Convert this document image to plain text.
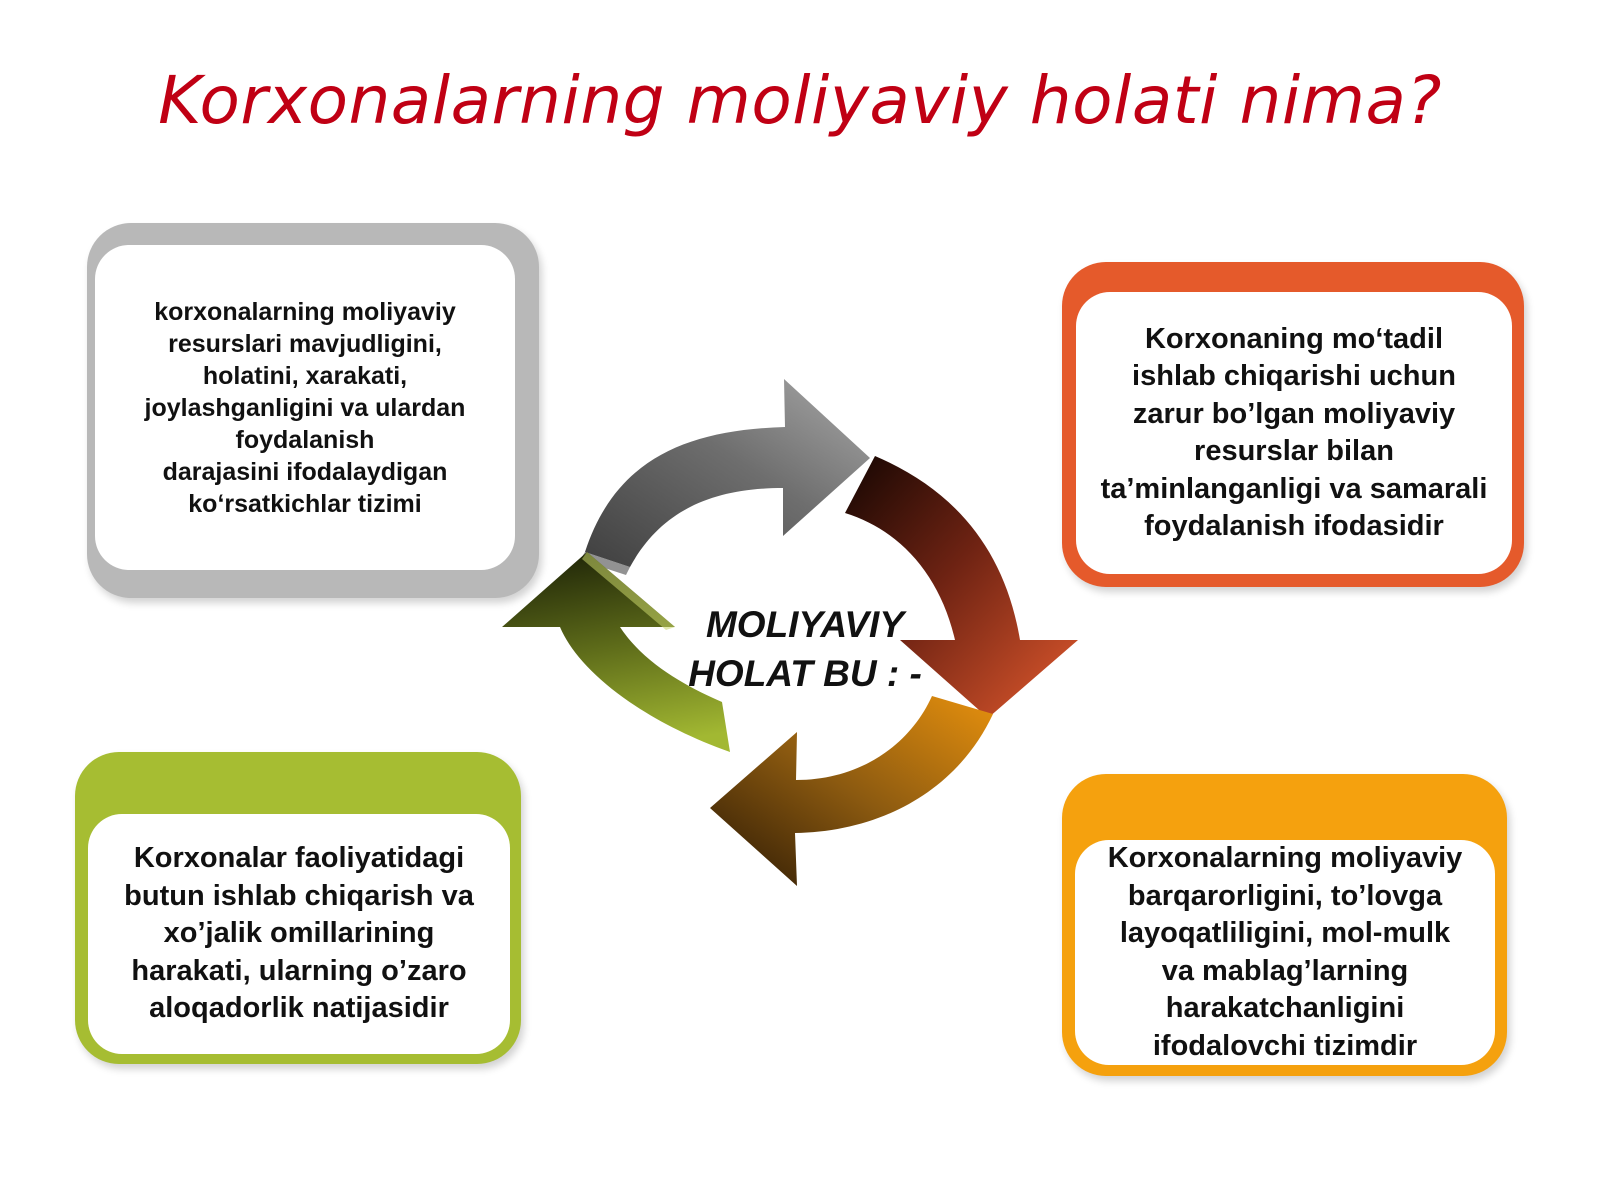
Korxonalarning moliyaviy holati nima?
korxonalarning moliyaviy
resurslari mavjudligini,
holatini, xarakati,
joylashganligini va ulardan
foydalanish
darajasini ifodalaydigan
ko‘rsatkichlar tizimi
Korxonaning mo‘tadil
ishlab chiqarishi uchun
zarur bo’lgan moliyaviy
resurslar bilan
ta’minlanganligi va samarali
foydalanish ifodasidir
Korxonalar faoliyatidagi
butun ishlab chiqarish va
xo’jalik omillarining
harakati, ularning o’zaro
aloqadorlik natijasidir
Korxonalarning moliyaviy
barqarorligini, to’lovga
layoqatliligini, mol-mulk
va mablag’larning
harakatchanligini
ifodalovchi tizimdir
MOLIYAVIY
HOLAT BU : -
